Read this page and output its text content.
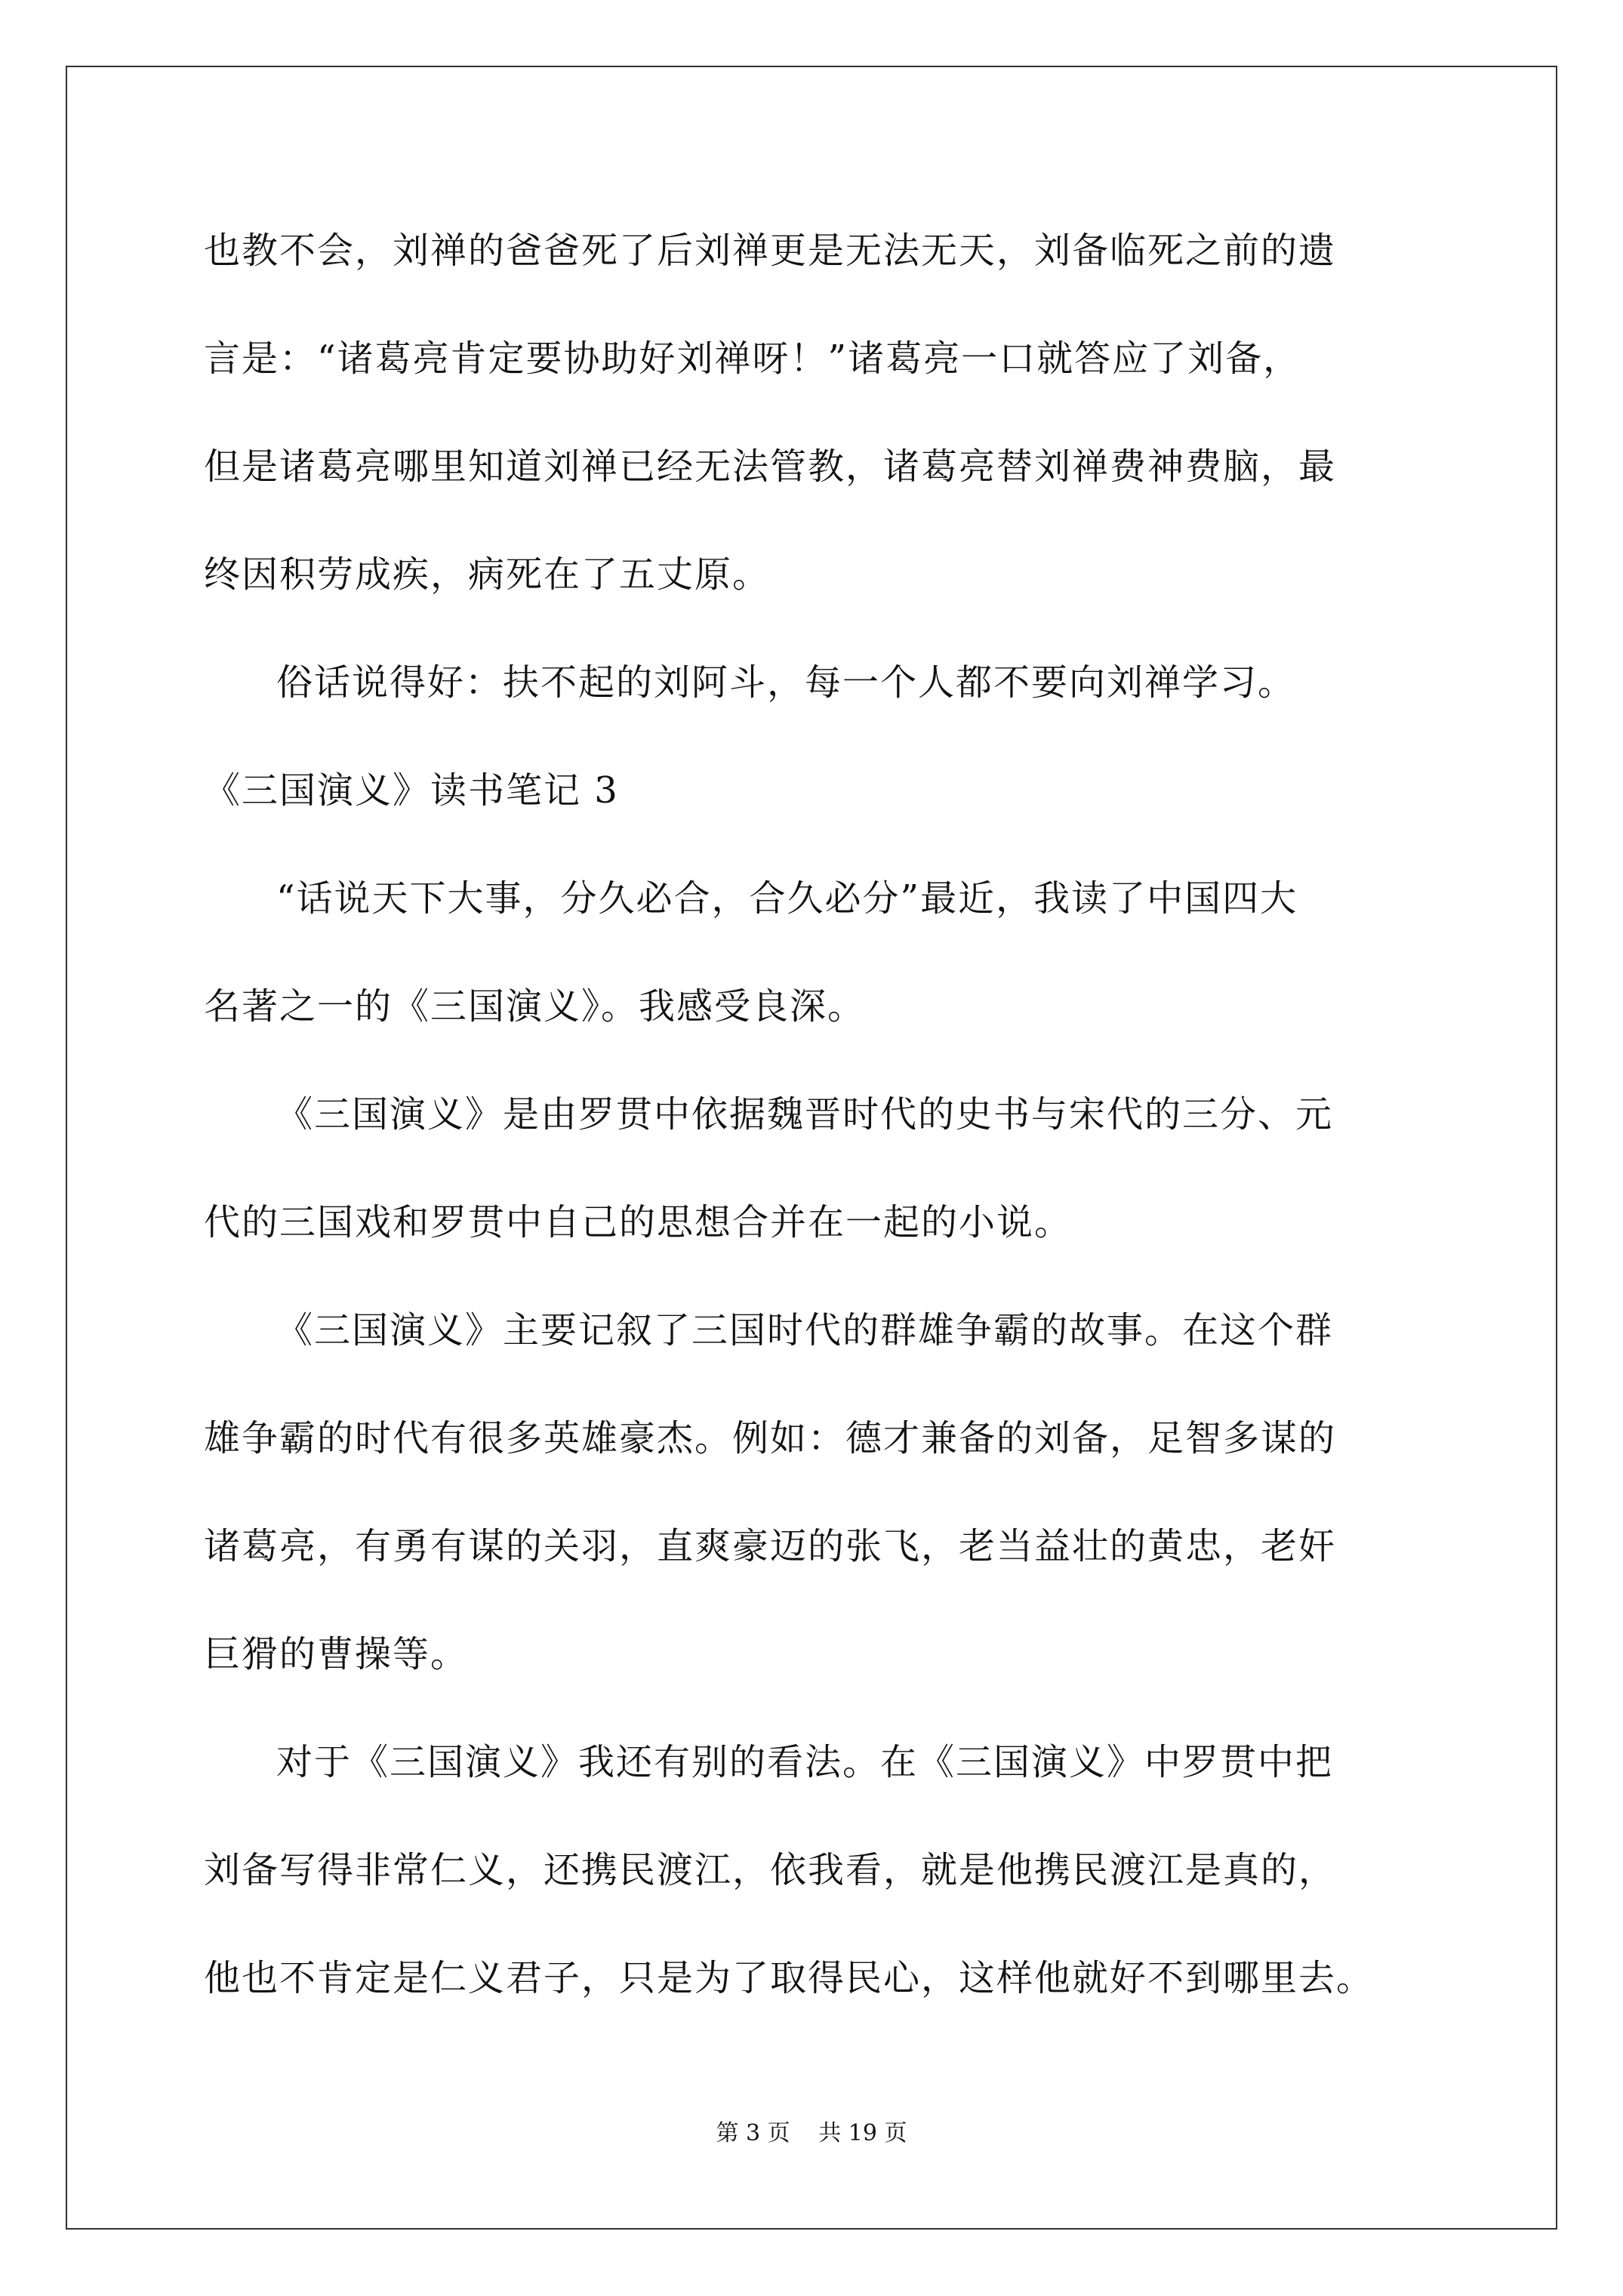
也教不会，刘禅的爸爸死了后刘禅更是无法无天，刘备临死之前的遗
言是：“诸葛亮肯定要协助好刘禅呀！”诸葛亮一口就答应了刘备，
但是诸葛亮哪里知道刘禅已经无法管教，诸葛亮替刘禅费神费脑，最
终因积劳成疾，病死在了五丈原。
俗话说得好：扶不起的刘阿斗，每一个人都不要向刘禅学习。
《三国演义》读书笔记 3
“话说天下大事，分久必合，合久必分”最近，我读了中国四大
名著之一的《三国演义》。我感受良深。
《三国演义》是由罗贯中依据魏晋时代的史书与宋代的三分、元
代的三国戏和罗贯中自己的思想合并在一起的小说。
《三国演义》主要记叙了三国时代的群雄争霸的故事。在这个群
雄争霸的时代有很多英雄豪杰。例如：德才兼备的刘备，足智多谋的
诸葛亮，有勇有谋的关羽，直爽豪迈的张飞，老当益壮的黄忠，老奸
巨猾的曹操等。
对于《三国演义》我还有别的看法。在《三国演义》中罗贯中把
刘备写得非常仁义，还携民渡江，依我看，就是他携民渡江是真的，
他也不肯定是仁义君子，只是为了取得民心，这样他就好不到哪里去。
第 3 页 共 19 页
